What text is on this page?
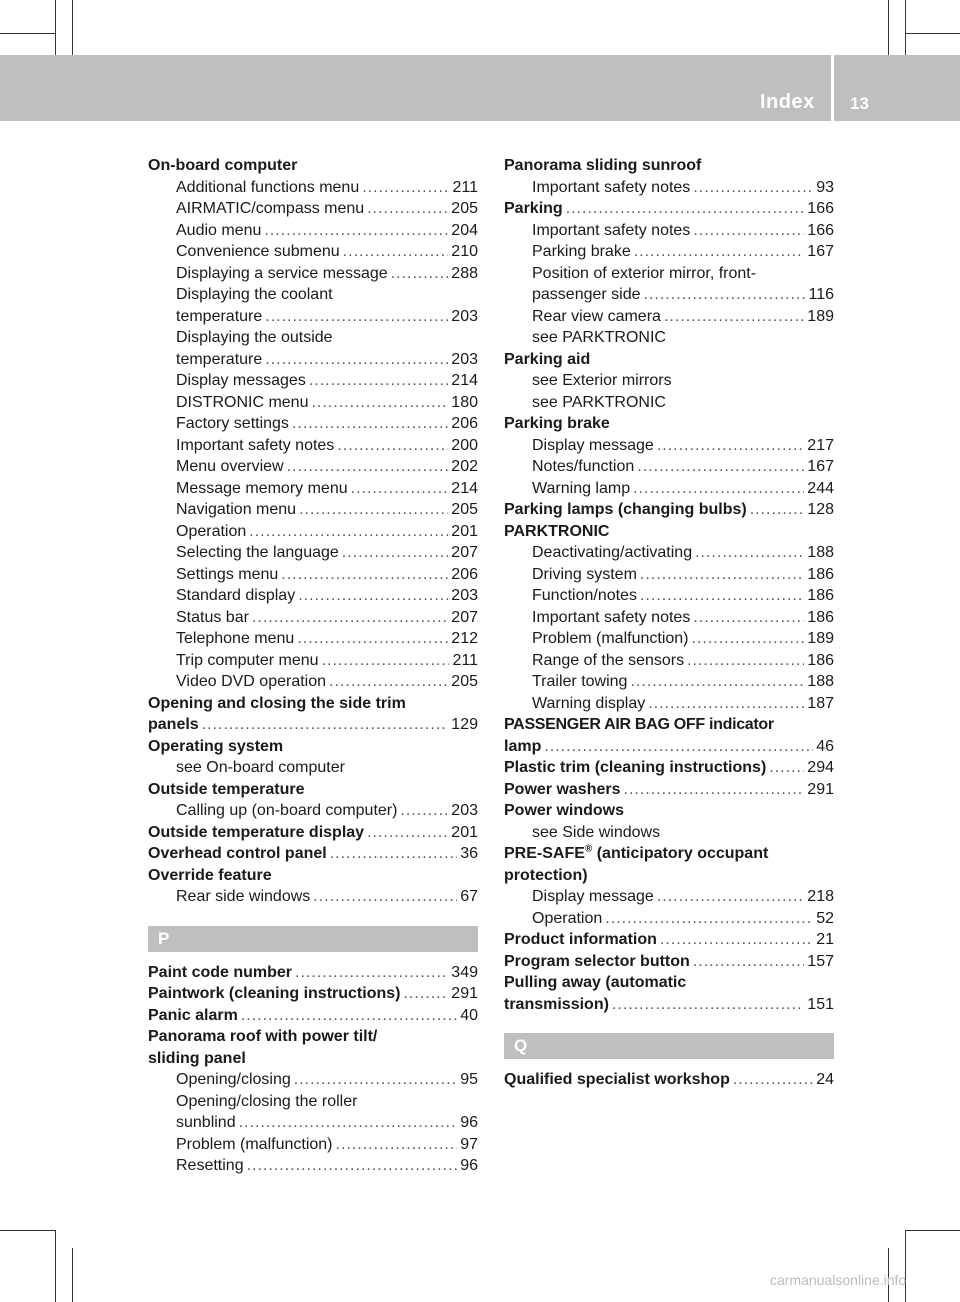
Index 13
On-board computer
Additional functions menu .....	211
AIRMATIC/compass menu .....	205
Audio menu .....	204
Convenience submenu .....	210
Displaying a service message .....	288
Displaying the coolant
temperature .....	203
Displaying the outside
temperature .....	203
Display messages .....	214
DISTRONIC menu .....	180
Factory settings .....	206
Important safety notes .....	200
Menu overview .....	202
Message memory menu .....	214
Navigation menu .....	205
Operation .....	201
Selecting the language .....	207
Settings menu .....	206
Standard display .....	203
Status bar .....	207
Telephone menu .....	212
Trip computer menu .....	211
Video DVD operation .....	205
Opening and closing the side trim
panels .....	129
Operating system
see On-board computer
Outside temperature
Calling up (on-board computer) .....	203
Outside temperature display .....	201
Overhead control panel .....	36
Override feature
Rear side windows .....	67
P
Paint code number .....	349
Paintwork (cleaning instructions) .....	291
Panic alarm .....	40
Panorama roof with power tilt/
sliding panel
Opening/closing .....	95
Opening/closing the roller
sunblind .....	96
Problem (malfunction) .....	97
Resetting .....	96
Panorama sliding sunroof
Important safety notes .....	93
Parking .....	166
Important safety notes .....	166
Parking brake .....	167
Position of exterior mirror, front-
passenger side .....	116
Rear view camera .....	189
see PARKTRONIC
Parking aid
see Exterior mirrors
see PARKTRONIC
Parking brake
Display message .....	217
Notes/function .....	167
Warning lamp .....	244
Parking lamps (changing bulbs) .....	128
PARKTRONIC
Deactivating/activating .....	188
Driving system .....	186
Function/notes .....	186
Important safety notes .....	186
Problem (malfunction) .....	189
Range of the sensors .....	186
Trailer towing .....	188
Warning display .....	187
PASSENGER AIR BAG OFF indicator
lamp .....	46
Plastic trim (cleaning instructions) .....	294
Power washers .....	291
Power windows
see Side windows
PRE-SAFE® (anticipatory occupant
protection)
Display message .....	218
Operation .....	52
Product information .....	21
Program selector button .....	157
Pulling away (automatic
transmission) .....	151
Q
Qualified specialist workshop .....	24
carmanualsonline.info
